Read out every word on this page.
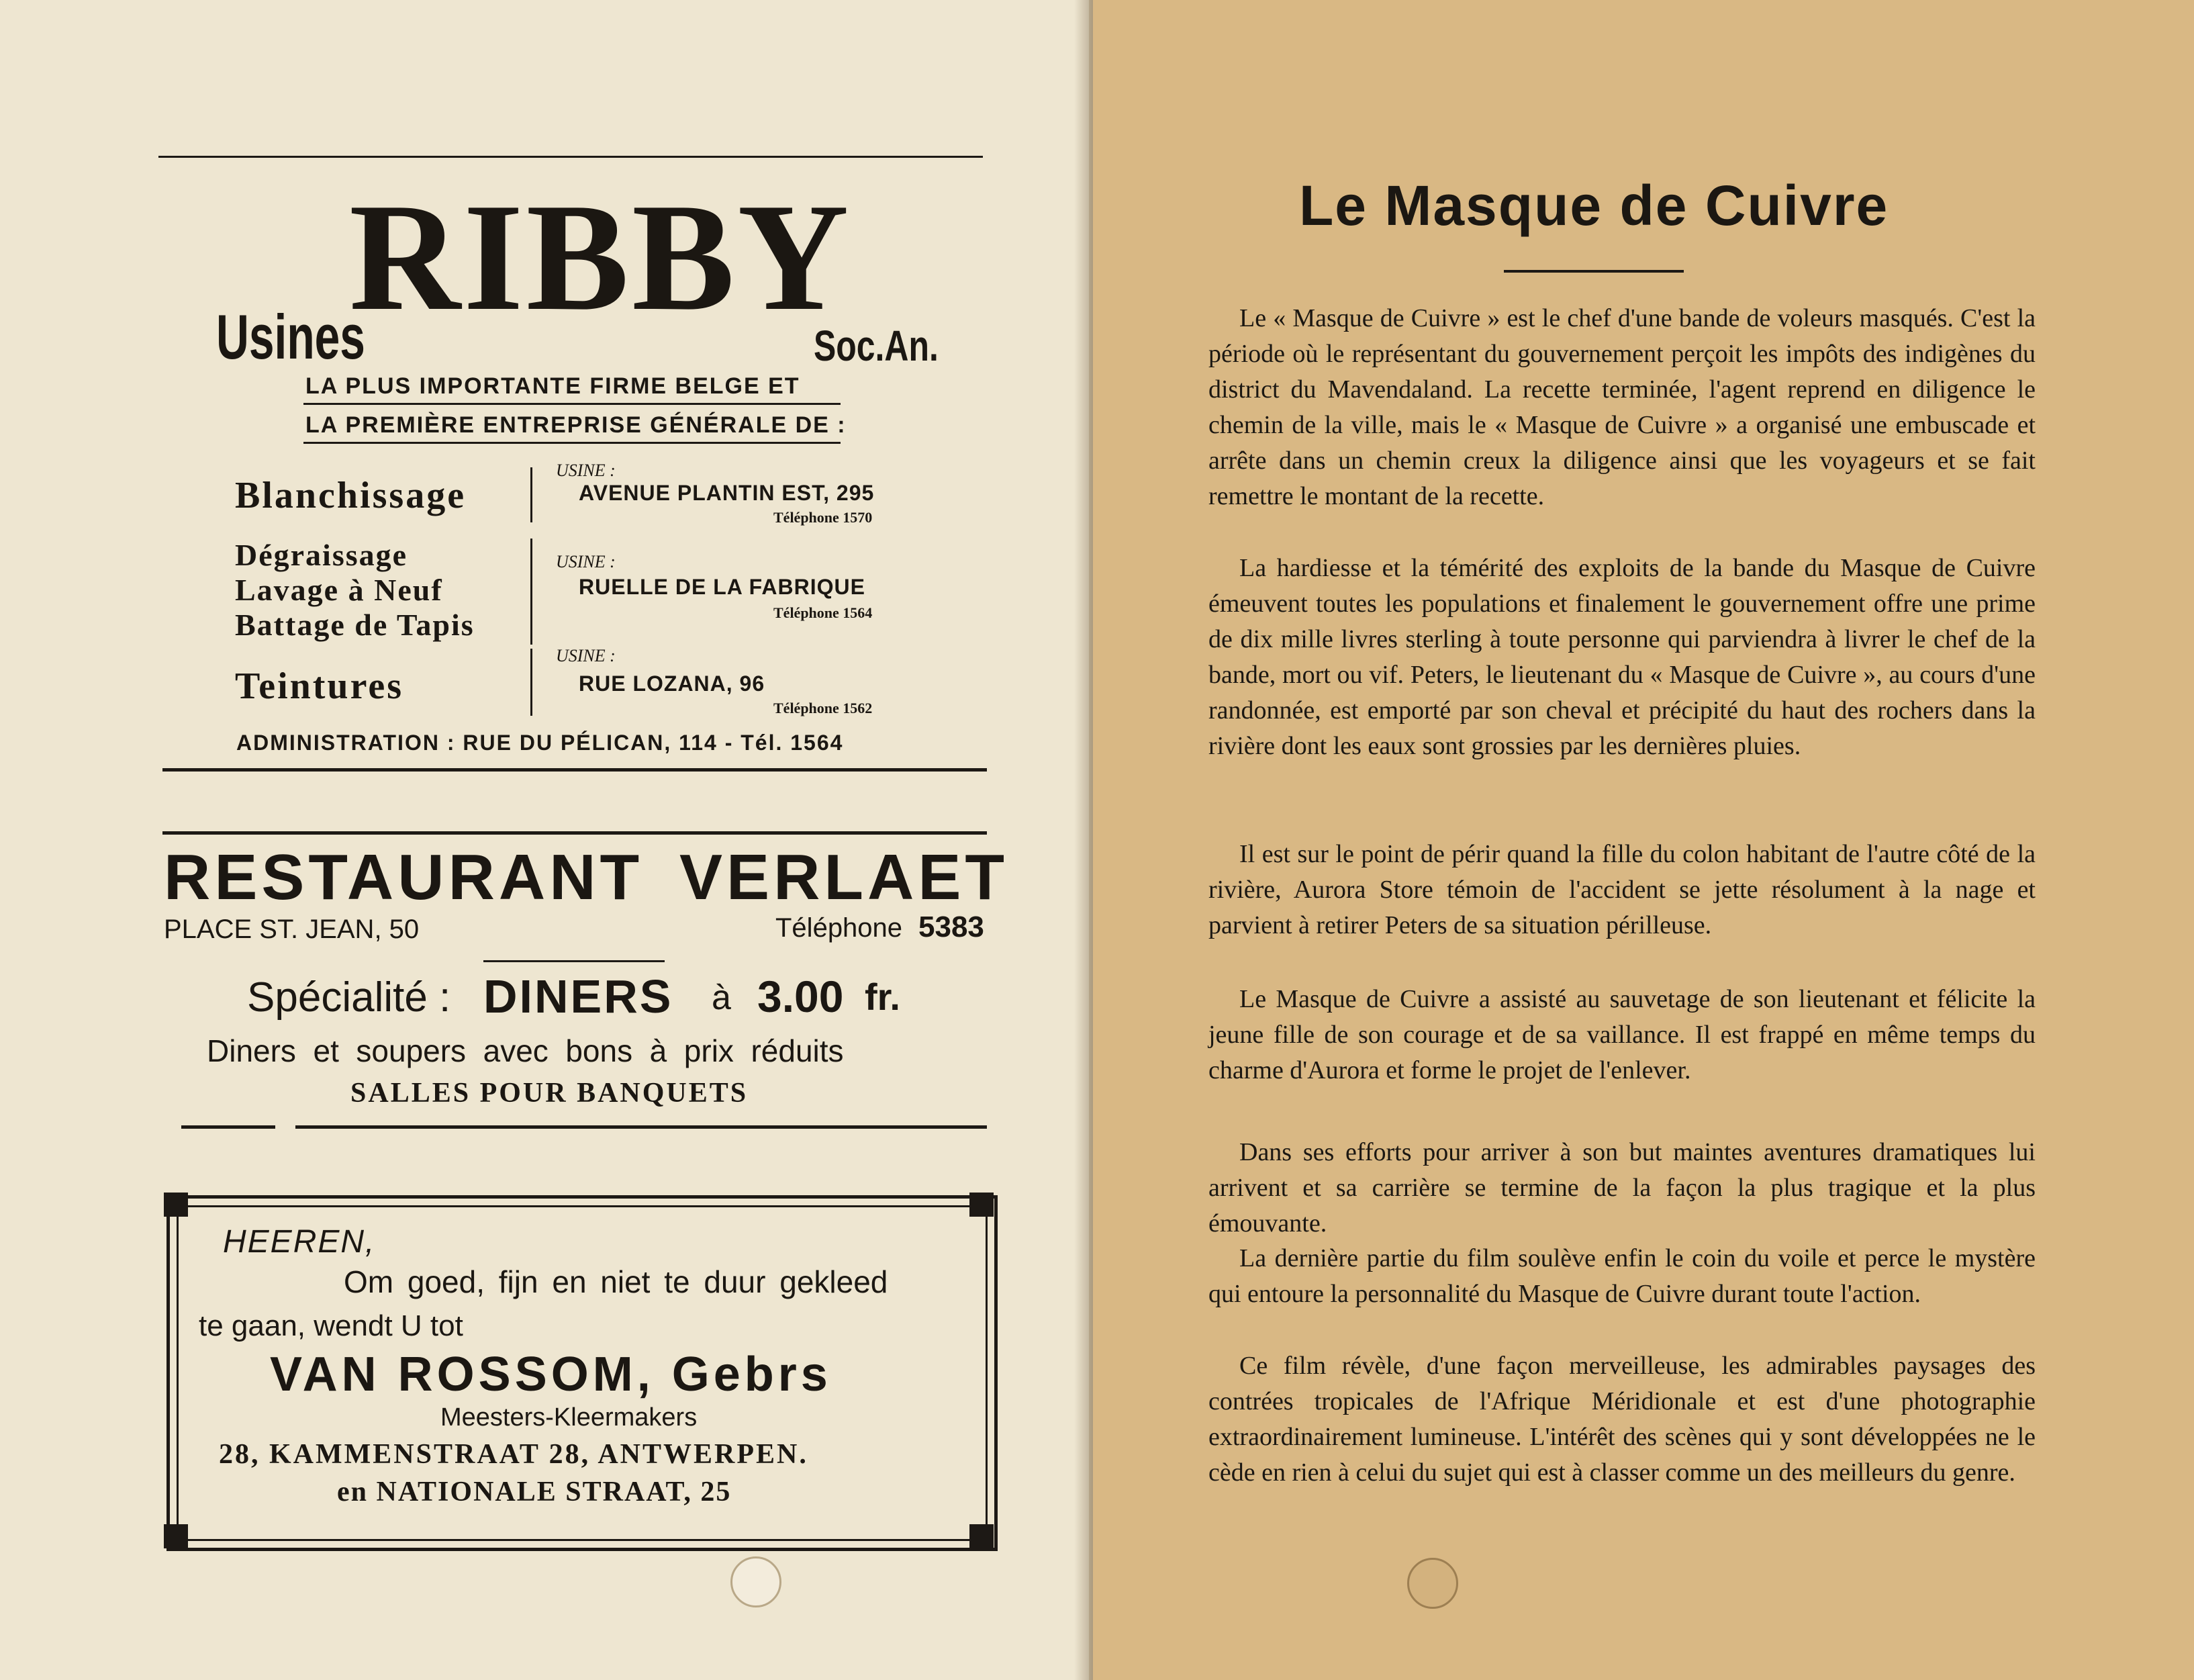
Usines
RIBBY
Soc.An.
LA PLUS IMPORTANTE FIRME BELGE ET
LA PREMIÈRE ENTREPRISE GÉNÉRALE DE :
Blanchissage
Dégraissage
Lavage à Neuf
Battage de Tapis
Teintures
USINE :
AVENUE PLANTIN EST, 295
Téléphone 1570
USINE :
RUELLE DE LA FABRIQUE
Téléphone 1564
USINE :
RUE LOZANA, 96
Téléphone 1562
ADMINISTRATION : RUE DU PÉLICAN, 114 - Tél. 1564
RESTAURANT VERLAET
PLACE ST. JEAN, 50	Téléphone 5383
Spécialité : DINERS à 3.00 fr.
Diners  et  soupers  avec  bons  à  prix  réduits
SALLES POUR BANQUETS
HEEREN,
Om goed, fijn en niet te duur gekleed
te gaan, wendt U tot
VAN ROSSOM, Gebrs
Meesters-Kleermakers
28, KAMMENSTRAAT 28, ANTWERPEN.
en NATIONALE STRAAT, 25
Le Masque de Cuivre

Le « Masque de Cuivre » est le chef d'une bande de voleurs masqués. C'est la période où le représentant du gouvernement perçoit les impôts des indigènes du district du Mavendaland. La recette terminée, l'agent reprend en diligence le chemin de la ville, mais le « Masque de Cuivre » a organisé une embuscade et arrête dans un chemin creux la diligence ainsi que les voyageurs et se fait remettre le montant de la recette.

La hardiesse et la témérité des exploits de la bande du Masque de Cuivre émeuvent toutes les populations et finalement le gouvernement offre une prime de dix mille livres sterling à toute personne qui parviendra à livrer le chef de la bande, mort ou vif. Peters, le lieutenant du « Masque de Cuivre », au cours d'une randonnée, est emporté par son cheval et précipité du haut des rochers dans la rivière dont les eaux sont grossies par les dernières pluies.

Il est sur le point de périr quand la fille du colon habitant de l'autre côté de la rivière, Aurora Store témoin de l'accident se jette résolument à la nage et parvient à retirer Peters de sa situation périlleuse.

Le Masque de Cuivre a assisté au sauvetage de son lieutenant et félicite la jeune fille de son courage et de sa vaillance. Il est frappé en même temps du charme d'Aurora et forme le projet de l'enlever.

Dans ses efforts pour arriver à son but maintes aventures dramatiques lui arrivent et sa carrière se termine de la façon la plus tragique et la plus émouvante.

La dernière partie du film soulève enfin le coin du voile et perce le mystère qui entoure la personnalité du Masque de Cuivre durant toute l'action.

Ce film révèle, d'une façon merveilleuse, les admirables paysages des contrées tropicales de l'Afrique Méridionale et est d'une photographie extraordinairement lumineuse. L'intérêt des scènes qui y sont développées ne le cède en rien à celui du sujet qui est à classer comme un des meilleurs du genre.
